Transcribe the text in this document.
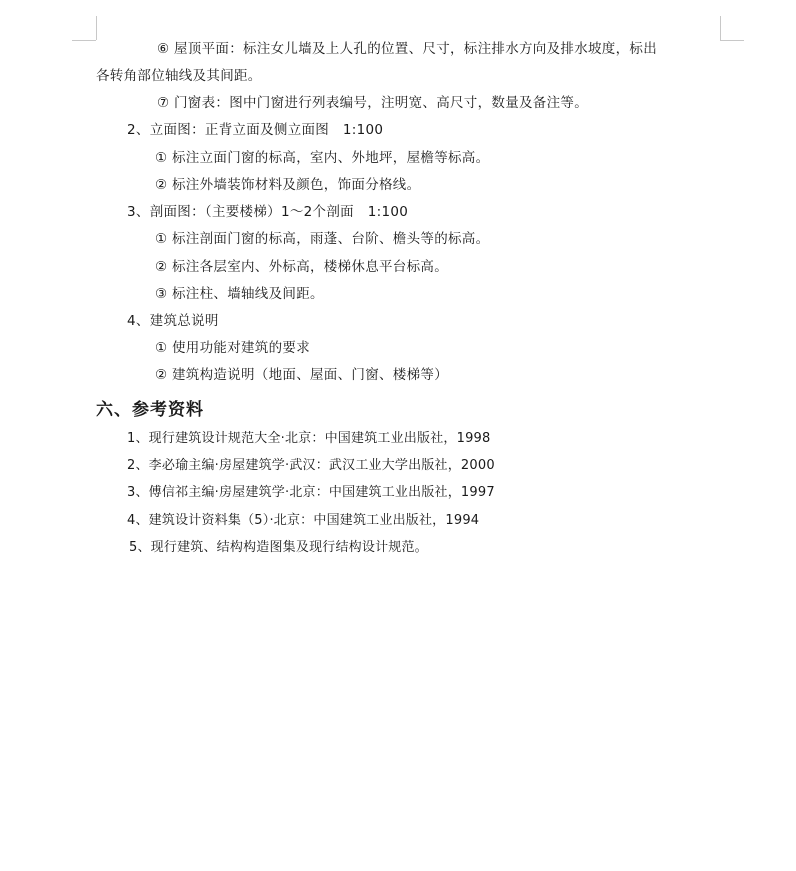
⑥ 屋顶平面：标注女儿墙及上人孔的位置、尺寸，标注排水方向及排水坡度，标出
各转角部位轴线及其间距。
⑦ 门窗表：图中门窗进行列表编号，注明宽、高尺寸，数量及备注等。
2、立面图：正背立面及侧立面图　1:100
① 标注立面门窗的标高，室内、外地坪，屋檐等标高。
② 标注外墙装饰材料及颜色，饰面分格线。
3、剖面图：（主要楼梯）1～2个剖面　1:100
① 标注剖面门窗的标高，雨蓬、台阶、檐头等的标高。
② 标注各层室内、外标高，楼梯休息平台标高。
③ 标注柱、墙轴线及间距。
4、建筑总说明
① 使用功能对建筑的要求
② 建筑构造说明（地面、屋面、门窗、楼梯等）
六、参考资料
1、现行建筑设计规范大全·北京：中国建筑工业出版社，1998
2、李必瑜主编·房屋建筑学·武汉：武汉工业大学出版社，2000
3、傅信祁主编·房屋建筑学·北京：中国建筑工业出版社，1997
4、建筑设计资料集（5）·北京：中国建筑工业出版社，1994
5、现行建筑、结构构造图集及现行结构设计规范。
